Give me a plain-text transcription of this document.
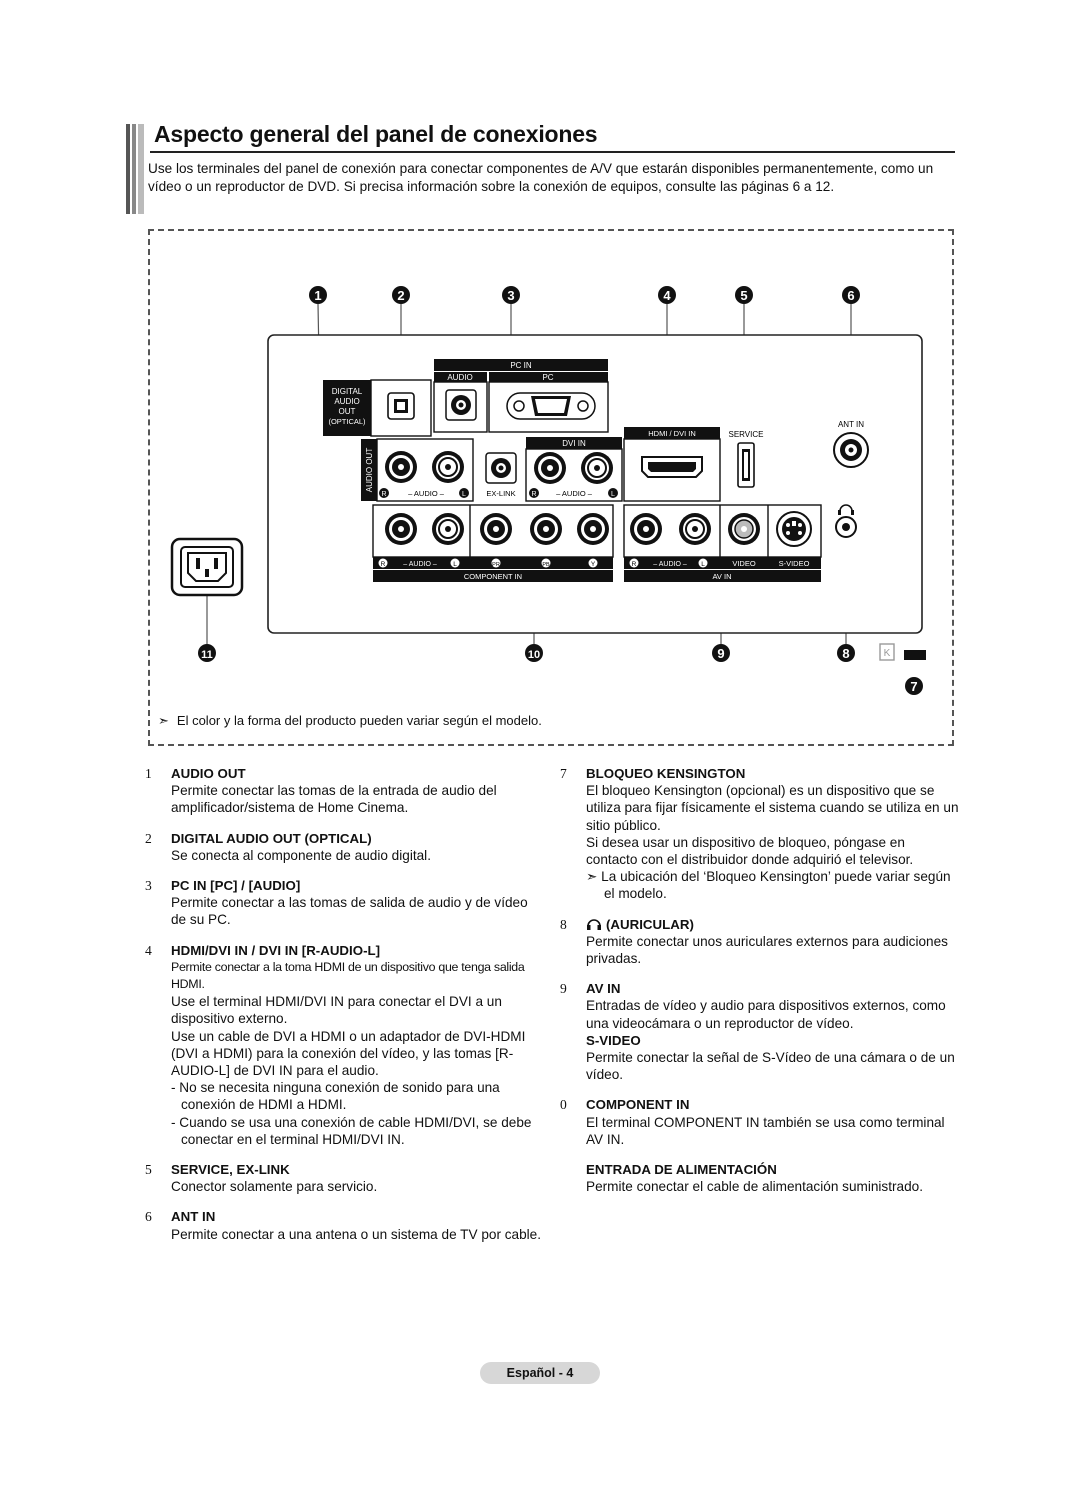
Aspecto general del panel de conexiones

Use los terminales del panel de conexión para conectar componentes de A/V que estarán disponibles permanentemente, como un vídeo o un reproductor de DVD. Si precisa información sobre la conexión de equipos, consulte las páginas 6 a 12.

1	2	3	4	5	6
11	10	9	8
7
PC IN
AUDIO	PC
DIGITAL
AUDIO
OUT
(OPTICAL)
AUDIO OUT
R	– AUDIO –	L	EX-LINK
DVI IN
R	– AUDIO –	L
HDMI / DVI IN	SERVICE
ANT IN
R	– AUDIO –	L	PR	PB	Y
COMPONENT IN
R – AUDIO – L	VIDEO	S-VIDEO
AV IN
K
➣ El color y la forma del producto pueden variar según el modelo.
1 AUDIO OUT
Permite conectar las tomas de la entrada de audio del amplificador/sistema de Home Cinema.
2 DIGITAL AUDIO OUT (OPTICAL)
Se conecta al componente de audio digital.
3 PC IN [PC] / [AUDIO]
Permite conectar a las tomas de salida de audio y de vídeo de su PC.
4 HDMI/DVI IN / DVI IN [R-AUDIO-L]
Permite conectar a la toma HDMI de un dispositivo que tenga salida HDMI.
Use el terminal HDMI/DVI IN para conectar el DVI a un dispositivo externo.
Use un cable de DVI a HDMI o un adaptador de DVI-HDMI (DVI a HDMI) para la conexión del vídeo, y las tomas [R-AUDIO-L] de DVI IN para el audio.
- No se necesita ninguna conexión de sonido para una conexión de HDMI a HDMI.
- Cuando se usa una conexión de cable HDMI/DVI, se debe conectar en el terminal HDMI/DVI IN.
5 SERVICE, EX-LINK
Conector solamente para servicio.
6 ANT IN
Permite conectar a una antena o un sistema de TV por cable.
7 BLOQUEO KENSINGTON
El bloqueo Kensington (opcional) es un dispositivo que se utiliza para fijar físicamente el sistema cuando se utiliza en un sitio público.
Si desea usar un dispositivo de bloqueo, póngase en contacto con el distribuidor donde adquirió el televisor.
➣ La ubicación del ‘Bloqueo Kensington’ puede variar según el modelo.
8	(AURICULAR)
Permite conectar unos auriculares externos para audiciones privadas.
9 AV IN
Entradas de vídeo y audio para dispositivos externos, como una videocámara o un reproductor de vídeo.
S-VIDEO
Permite conectar la señal de S-Vídeo de una cámara o de un vídeo.
0 COMPONENT IN
El terminal COMPONENT IN también se usa como terminal AV IN.
ENTRADA DE ALIMENTACIÓN
Permite conectar el cable de alimentación suministrado.
Español - 4
